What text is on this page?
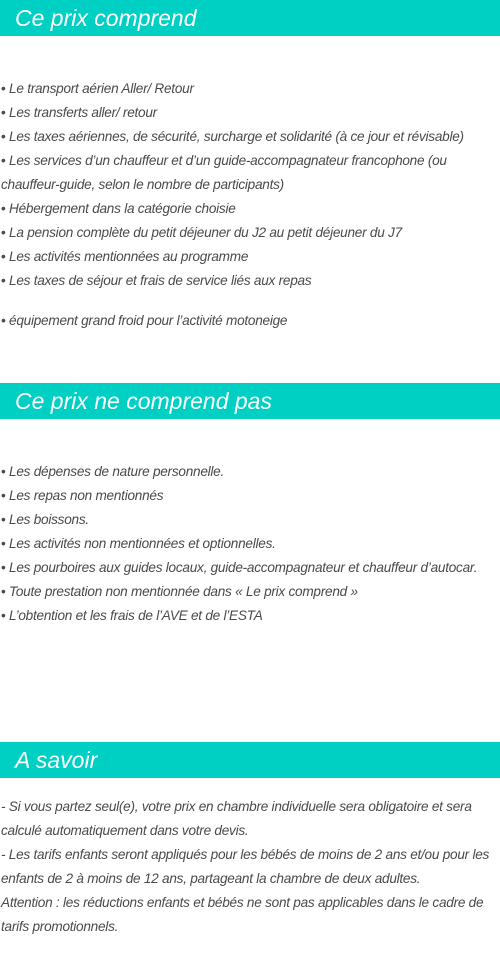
Ce prix comprend
• Le transport aérien Aller/ Retour
• Les transferts aller/ retour
• Les taxes aériennes, de sécurité, surcharge et solidarité (à ce jour et révisable)
• Les services d’un chauffeur et d’un guide-accompagnateur francophone (ou chauffeur-guide, selon le nombre de participants)
• Hébergement dans la catégorie choisie
• La pension complète du petit déjeuner du J2 au petit déjeuner du J7
• Les activités mentionnées au programme
• Les taxes de séjour et frais de service liés aux repas
• équipement grand froid pour l’activité motoneige
Ce prix ne comprend pas
• Les dépenses de nature personnelle.
• Les repas non mentionnés
• Les boissons.
• Les activités non mentionnées et optionnelles.
• Les pourboires aux guides locaux, guide-accompagnateur et chauffeur d’autocar.
• Toute prestation non mentionnée dans « Le prix comprend »
• L’obtention et les frais de l’AVE et de l’ESTA
A savoir
- Si vous partez seul(e), votre prix en chambre individuelle sera obligatoire et sera calculé automatiquement dans votre devis.
- Les tarifs enfants seront appliqués pour les bébés de moins de 2 ans et/ou pour les enfants de 2 à moins de 12 ans, partageant la chambre de deux adultes.
Attention : les réductions enfants et bébés ne sont pas applicables dans le cadre de tarifs promotionnels.
